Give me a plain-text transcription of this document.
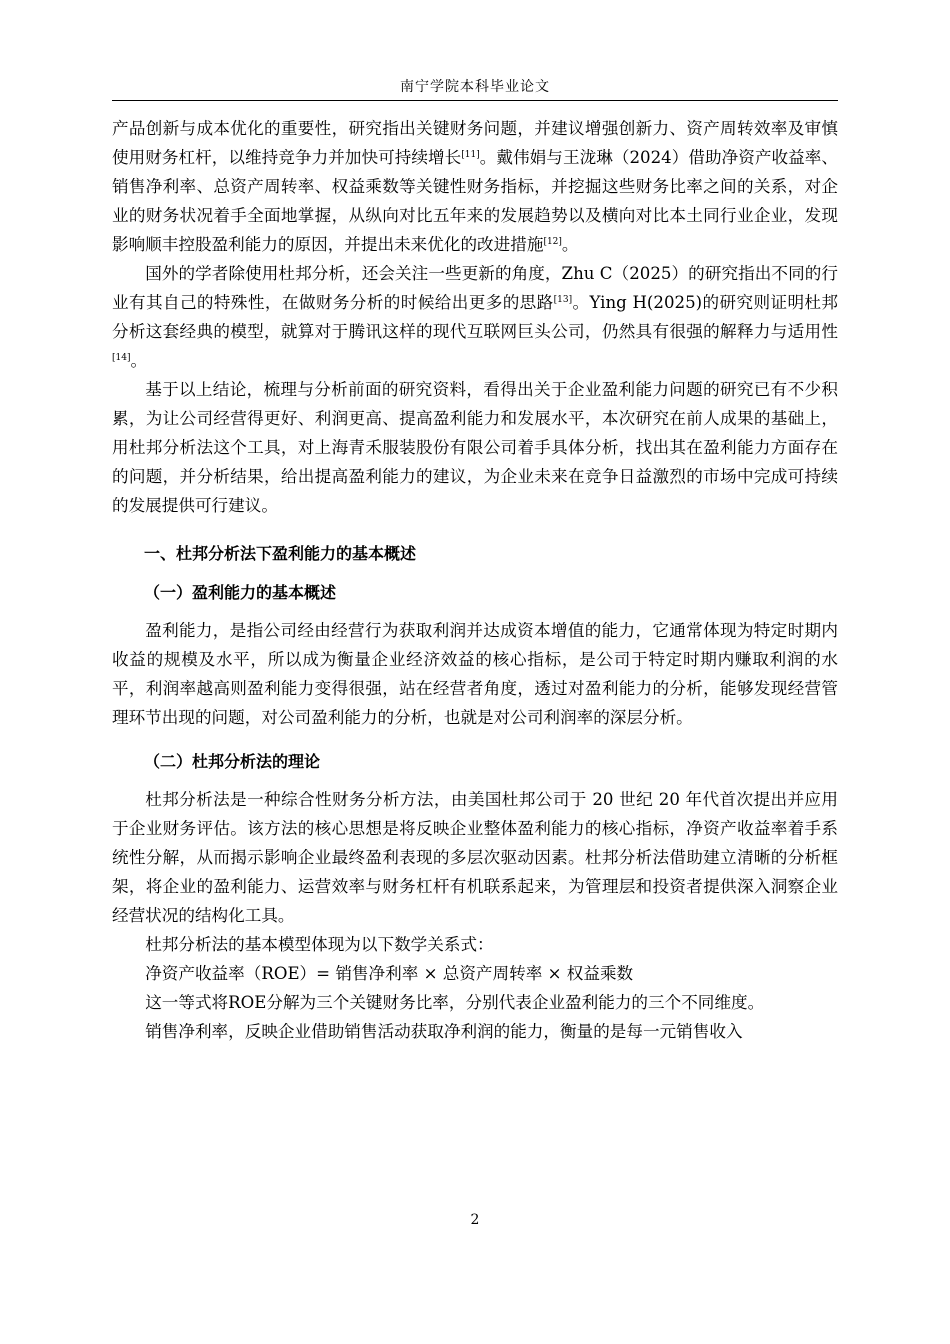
南宁学院本科毕业论文

产品创新与成本优化的重要性，研究指出关键财务问题，并建议增强创新力、资产周转效率及审慎使用财务杠杆，以维持竞争力并加快可持续增长[11]。戴伟娟与王泷琳（2024）借助净资产收益率、销售净利率、总资产周转率、权益乘数等关键性财务指标，并挖掘这些财务比率之间的关系，对企业的财务状况着手全面地掌握，从纵向对比五年来的发展趋势以及横向对比本土同行业企业，发现影响顺丰控股盈利能力的原因，并提出未来优化的改进措施[12]。

国外的学者除使用杜邦分析，还会关注一些更新的角度，Zhu C（2025）的研究指出不同的行业有其自己的特殊性，在做财务分析的时候给出更多的思路[13]。Ying H(2025)的研究则证明杜邦分析这套经典的模型，就算对于腾讯这样的现代互联网巨头公司，仍然具有很强的解释力与适用性[14]。

基于以上结论，梳理与分析前面的研究资料，看得出关于企业盈利能力问题的研究已有不少积累，为让公司经营得更好、利润更高、提高盈利能力和发展水平，本次研究在前人成果的基础上，用杜邦分析法这个工具，对上海青禾服装股份有限公司着手具体分析，找出其在盈利能力方面存在的问题，并分析结果，给出提高盈利能力的建议，为企业未来在竞争日益激烈的市场中完成可持续的发展提供可行建议。

一、杜邦分析法下盈利能力的基本概述
（一）盈利能力的基本概述

盈利能力，是指公司经由经营行为获取利润并达成资本增值的能力，它通常体现为特定时期内收益的规模及水平，所以成为衡量企业经济效益的核心指标，是公司于特定时期内赚取利润的水平，利润率越高则盈利能力变得很强，站在经营者角度，透过对盈利能力的分析，能够发现经营管理环节出现的问题，对公司盈利能力的分析，也就是对公司利润率的深层分析。

（二）杜邦分析法的理论

杜邦分析法是一种综合性财务分析方法，由美国杜邦公司于 20 世纪 20 年代首次提出并应用于企业财务评估。该方法的核心思想是将反映企业整体盈利能力的核心指标，净资产收益率着手系统性分解，从而揭示影响企业最终盈利表现的多层次驱动因素。杜邦分析法借助建立清晰的分析框架，将企业的盈利能力、运营效率与财务杠杆有机联系起来，为管理层和投资者提供深入洞察企业经营状况的结构化工具。

杜邦分析法的基本模型体现为以下数学关系式：

净资产收益率（ROE）= 销售净利率 × 总资产周转率 × 权益乘数

这一等式将ROE分解为三个关键财务比率，分别代表企业盈利能力的三个不同维度。

销售净利率，反映企业借助销售活动获取净利润的能力，衡量的是每一元销售收入

2
